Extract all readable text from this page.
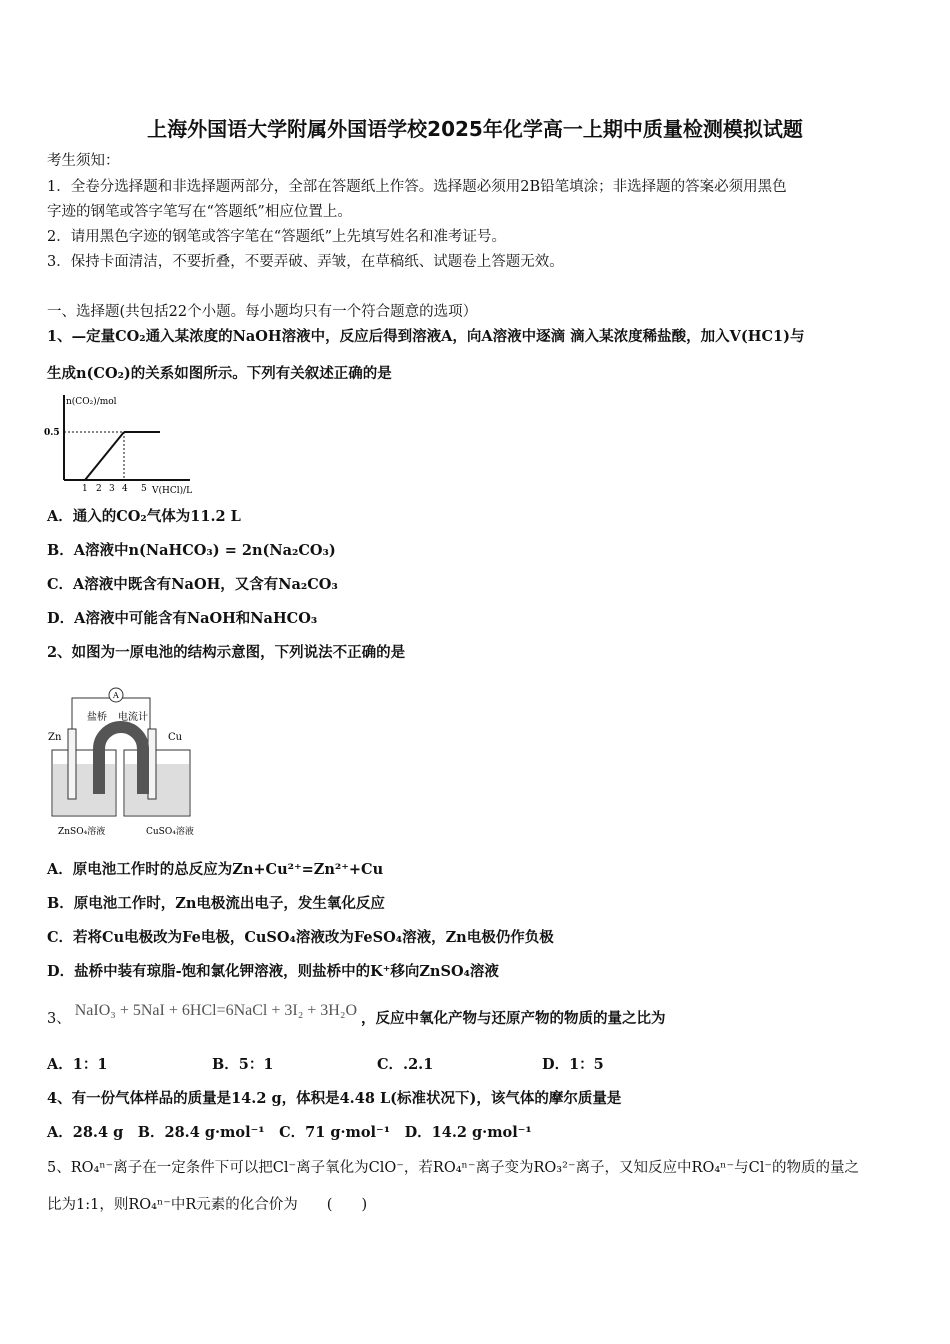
上海外国语大学附属外国语学校2025年化学高一上期中质量检测模拟试题
考生须知：
1．全卷分选择题和非选择题两部分，全部在答题纸上作答。选择题必须用2B铅笔填涂；非选择题的答案必须用黑色
字迹的钢笔或答字笔写在“答题纸”相应位置上。
2．请用黑色字迹的钢笔或答字笔在“答题纸”上先填写姓名和准考证号。
3．保持卡面清洁，不要折叠，不要弄破、弄皱，在草稿纸、试题卷上答题无效。
一、选择题(共包括22个小题。每小题均只有一个符合题意的选项）
1、—定量CO₂通入某浓度的NaOH溶液中，反应后得到溶液A，向A溶液中逐滴 滴入某浓度稀盐酸，加入V(HC1)与
生成n(CO₂)的关系如图所示。下列有关叙述正确的是
n(CO₂)/mol
0.5
1 2 3 4 5 V(HCl)/L
A．通入的CO₂气体为11.2 L
B．A溶液中n(NaHCO₃) = 2n(Na₂CO₃)
C．A溶液中既含有NaOH，又含有Na₂CO₃
D．A溶液中可能含有NaOH和NaHCO₃
2、如图为一原电池的结构示意图，下列说法不正确的是
A
盐桥 电流计
Zn	Cu
ZnSO₄溶液	CuSO₄溶液
A．原电池工作时的总反应为Zn+Cu²⁺=Zn²⁺+Cu
B．原电池工作时，Zn电极流出电子，发生氧化反应
C．若将Cu电极改为Fe电极，CuSO₄溶液改为FeSO₄溶液，Zn电极仍作负极
D．盐桥中装有琼脂-饱和氯化钾溶液，则盐桥中的K⁺移向ZnSO₄溶液
3、 NaIO₃ + 5NaI + 6HCl=6NaCl + 3I₂ + 3H₂O ，反应中氧化产物与还原产物的物质的量之比为
A．1：1	B．5：1	C．.2.1	D．1：5
4、有一份气体样品的质量是14.2 g，体积是4.48 L(标准状况下)，该气体的摩尔质量是
A．28.4 g　B．28.4 g·mol⁻¹　C．71 g·mol⁻¹　D．14.2 g·mol⁻¹
5、RO₄ⁿ⁻离子在一定条件下可以把Cl⁻离子氧化为ClO⁻，若RO₄ⁿ⁻离子变为RO₃²⁻离子，又知反应中RO₄ⁿ⁻与Cl⁻的物质的量之
比为1:1，则RO₄ⁿ⁻中R元素的化合价为　　(　　)
